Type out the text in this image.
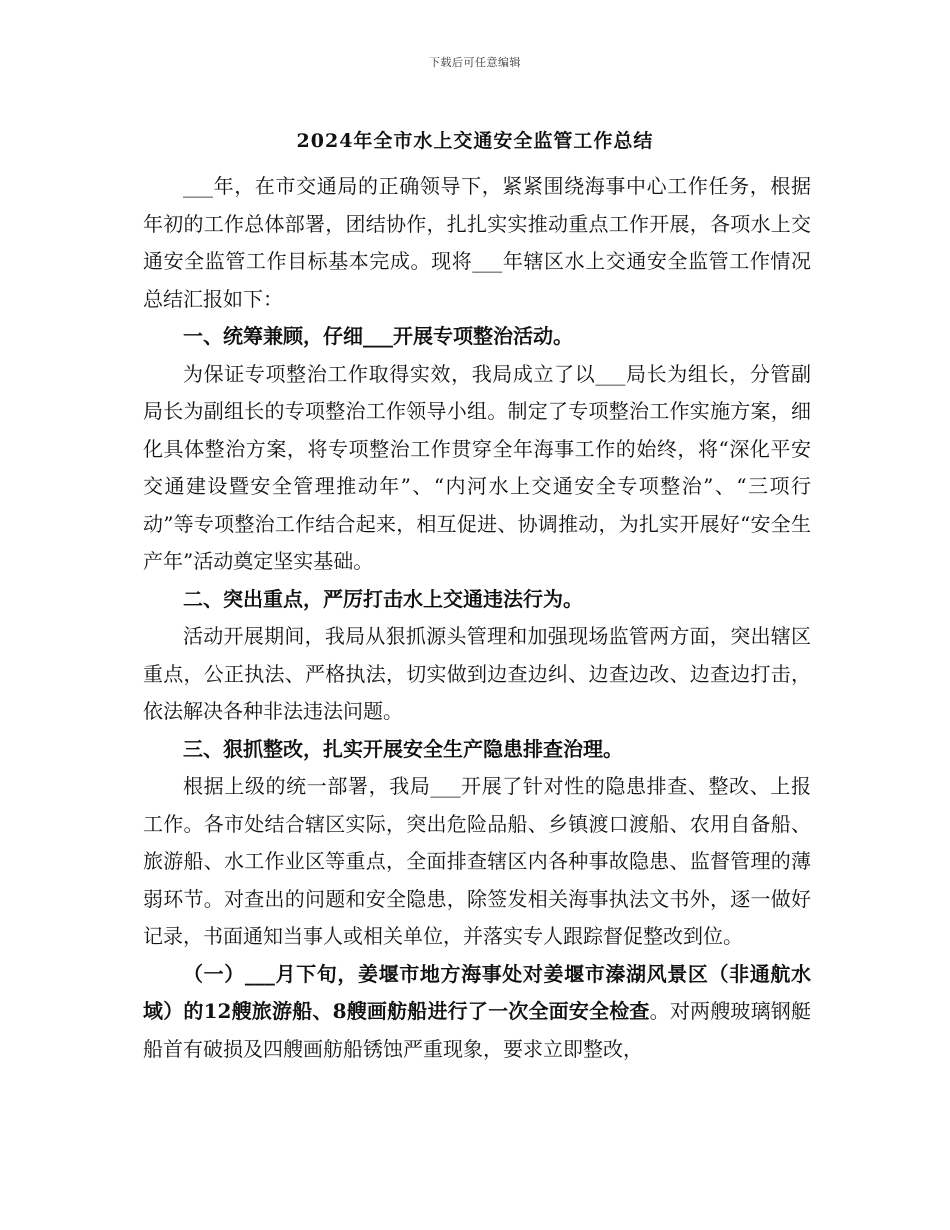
下载后可任意编辑
2024年全市水上交通安全监管工作总结

___年，在市交通局的正确领导下，紧紧围绕海事中心工作任务，根据年初的工作总体部署，团结协作，扎扎实实推动重点工作开展，各项水上交通安全监管工作目标基本完成。现将___年辖区水上交通安全监管工作情况总结汇报如下：

一、统筹兼顾，仔细___开展专项整治活动。

为保证专项整治工作取得实效，我局成立了以___局长为组长，分管副局长为副组长的专项整治工作领导小组。制定了专项整治工作实施方案，细化具体整治方案，将专项整治工作贯穿全年海事工作的始终，将“深化平安交通建设暨安全管理推动年”、“内河水上交通安全专项整治”、“三项行动”等专项整治工作结合起来，相互促进、协调推动，为扎实开展好“安全生产年”活动奠定坚实基础。

二、突出重点，严厉打击水上交通违法行为。

活动开展期间，我局从狠抓源头管理和加强现场监管两方面，突出辖区重点，公正执法、严格执法，切实做到边查边纠、边查边改、边查边打击，依法解决各种非法违法问题。

三、狠抓整改，扎实开展安全生产隐患排查治理。

根据上级的统一部署，我局___开展了针对性的隐患排查、整改、上报工作。各市处结合辖区实际，突出危险品船、乡镇渡口渡船、农用自备船、旅游船、水工作业区等重点，全面排查辖区内各种事故隐患、监督管理的薄弱环节。对查出的问题和安全隐患，除签发相关海事执法文书外，逐一做好记录，书面通知当事人或相关单位，并落实专人跟踪督促整改到位。

（一）___月下旬，姜堰市地方海事处对姜堰市溱湖风景区（非通航水域）的12艘旅游船、8艘画舫船进行了一次全面安全检查。对两艘玻璃钢艇船首有破损及四艘画舫船锈蚀严重现象，要求立即整改，
